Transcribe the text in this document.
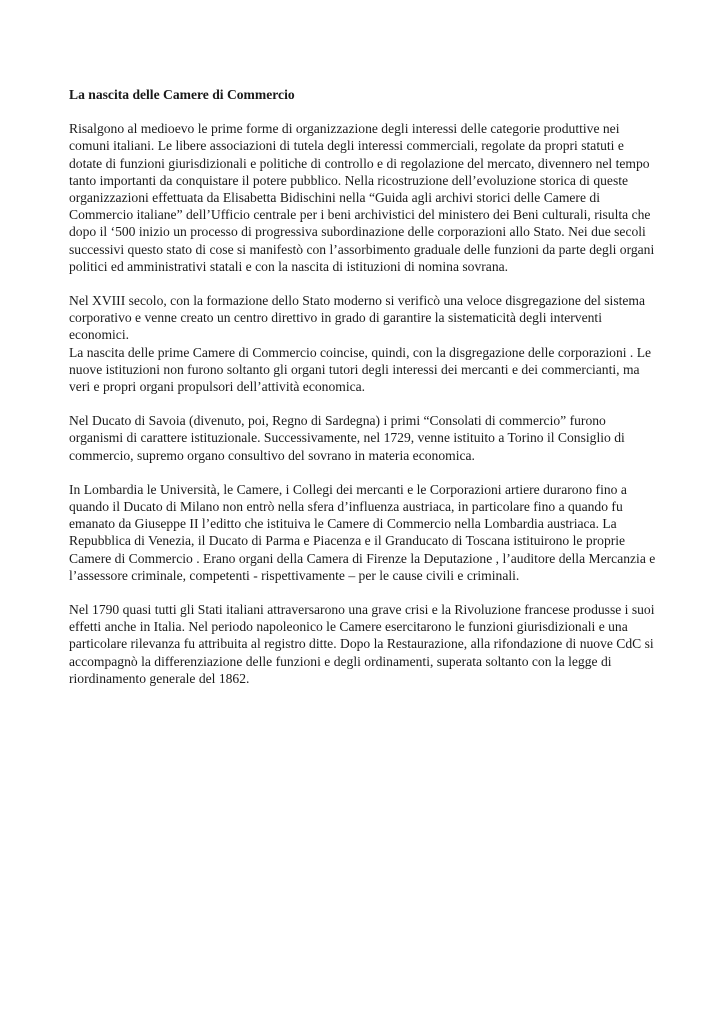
La nascita delle Camere di Commercio

Risalgono al medioevo le prime forme di organizzazione degli interessi delle categorie produttive nei comuni italiani. Le libere associazioni di tutela degli interessi commerciali, regolate da propri statuti e dotate di funzioni giurisdizionali e politiche di controllo e di regolazione del mercato, divennero nel tempo tanto importanti da conquistare il potere pubblico. Nella ricostruzione dell’evoluzione storica di queste organizzazioni effettuata da Elisabetta Bidischini nella “Guida agli archivi storici delle Camere di Commercio italiane” dell’Ufficio centrale per i beni archivistici del ministero dei Beni culturali, risulta che dopo il ‘500 inizio un processo di progressiva subordinazione delle corporazioni allo Stato. Nei due secoli successivi questo stato di cose si manifestò con l’assorbimento graduale delle funzioni da parte degli organi politici ed amministrativi statali e con la nascita di istituzioni di nomina sovrana.

Nel XVIII secolo, con la formazione dello Stato moderno si verificò una veloce disgregazione del sistema corporativo e venne creato un centro direttivo in grado di garantire la sistematicità degli interventi economici.

La nascita delle prime Camere di Commercio coincise, quindi, con la disgregazione delle corporazioni . Le nuove istituzioni non furono soltanto gli organi tutori degli interessi dei mercanti e dei commercianti, ma veri e propri organi propulsori dell’attività economica.

Nel Ducato di Savoia (divenuto, poi, Regno di Sardegna) i primi “Consolati di commercio” furono organismi di carattere istituzionale. Successivamente, nel 1729, venne istituito a Torino il Consiglio di commercio, supremo organo consultivo del sovrano in materia economica.

In Lombardia le Università, le Camere, i Collegi dei mercanti e le Corporazioni artiere durarono fino a quando il Ducato di Milano non entrò nella sfera d’influenza austriaca, in particolare fino a quando fu emanato da Giuseppe II l’editto che istituiva le Camere di Commercio nella Lombardia austriaca. La Repubblica di Venezia, il Ducato di Parma e Piacenza e il Granducato di Toscana istituirono le proprie Camere di Commercio . Erano organi della Camera di Firenze la Deputazione , l’auditore della Mercanzia e l’assessore criminale, competenti - rispettivamente – per le cause civili e criminali.

Nel 1790 quasi tutti gli Stati italiani attraversarono una grave crisi e la Rivoluzione francese produsse i suoi effetti anche in Italia. Nel periodo napoleonico le Camere esercitarono le funzioni giurisdizionali e una particolare rilevanza fu attribuita al registro ditte. Dopo la Restaurazione, alla rifondazione di nuove CdC si accompagnò la differenziazione delle funzioni e degli ordinamenti, superata soltanto con la legge di riordinamento generale del 1862.
